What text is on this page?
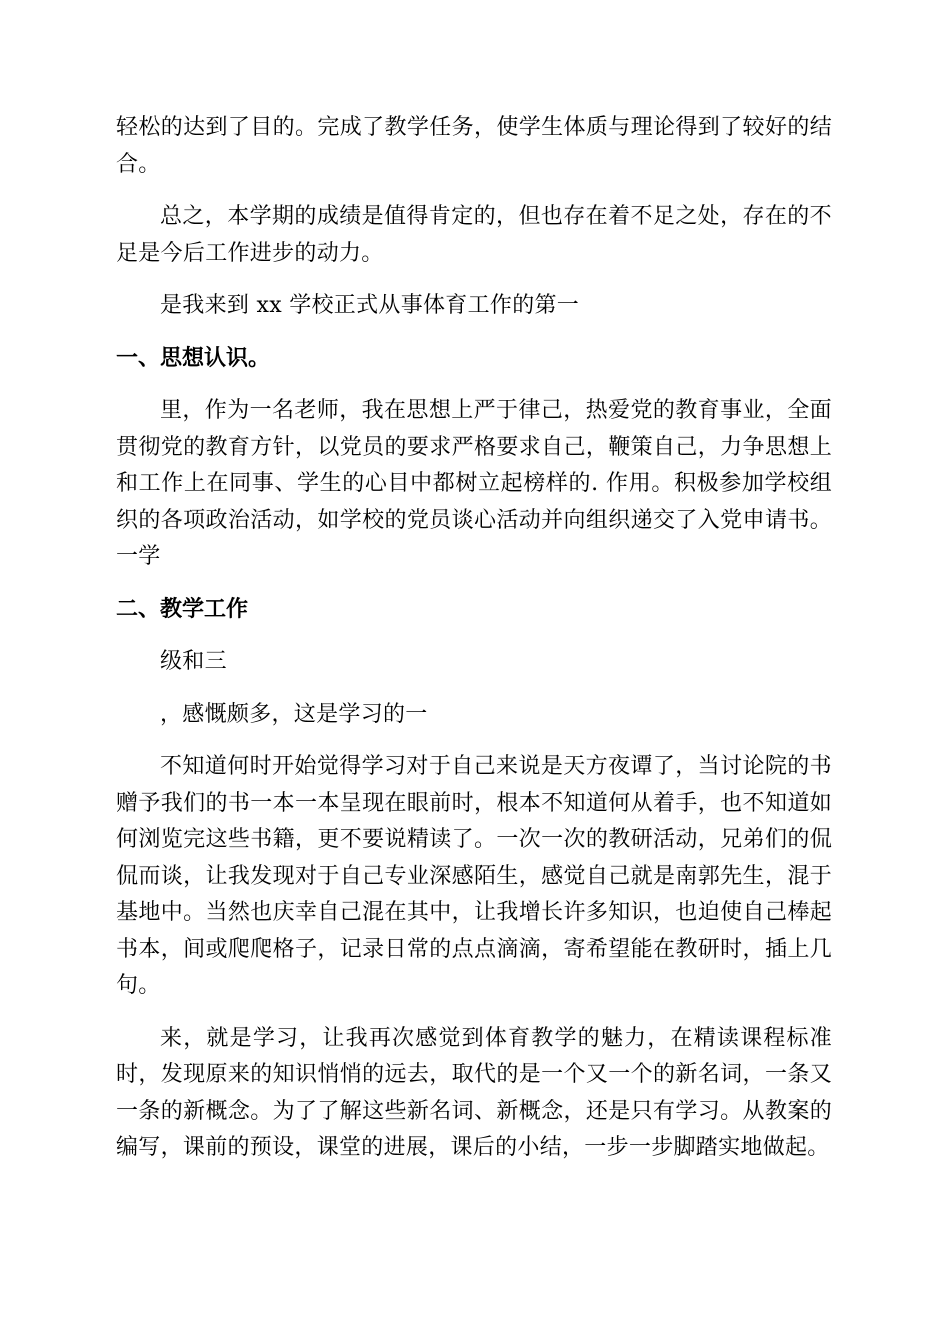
轻松的达到了目的。完成了教学任务，使学生体质与理论得到了较好的结合。

总之，本学期的成绩是值得肯定的，但也存在着不足之处，存在的不足是今后工作进步的动力。

是我来到 xx 学校正式从事体育工作的第一

一、思想认识。

里，作为一名老师，我在思想上严于律己，热爱党的教育事业，全面贯彻党的教育方针，以党员的要求严格要求自己，鞭策自己，力争思想上和工作上在同事、学生的心目中都树立起榜样的. 作用。积极参加学校组织的各项政治活动，如学校的党员谈心活动并向组织递交了入党申请书。一学

二、教学工作

级和三

，感慨颇多，这是学习的一

不知道何时开始觉得学习对于自己来说是天方夜谭了，当讨论院的书赠予我们的书一本一本呈现在眼前时，根本不知道何从着手，也不知道如何浏览完这些书籍，更不要说精读了。一次一次的教研活动，兄弟们的侃侃而谈，让我发现对于自己专业深感陌生，感觉自己就是南郭先生，混于基地中。当然也庆幸自己混在其中，让我增长许多知识，也迫使自己棒起书本，间或爬爬格子，记录日常的点点滴滴，寄希望能在教研时，插上几句。

来，就是学习，让我再次感觉到体育教学的魅力，在精读课程标准时，发现原来的知识悄悄的远去，取代的是一个又一个的新名词，一条又一条的新概念。为了了解这些新名词、新概念，还是只有学习。从教案的编写，课前的预设，课堂的进展，课后的小结，一步一步脚踏实地做起。
